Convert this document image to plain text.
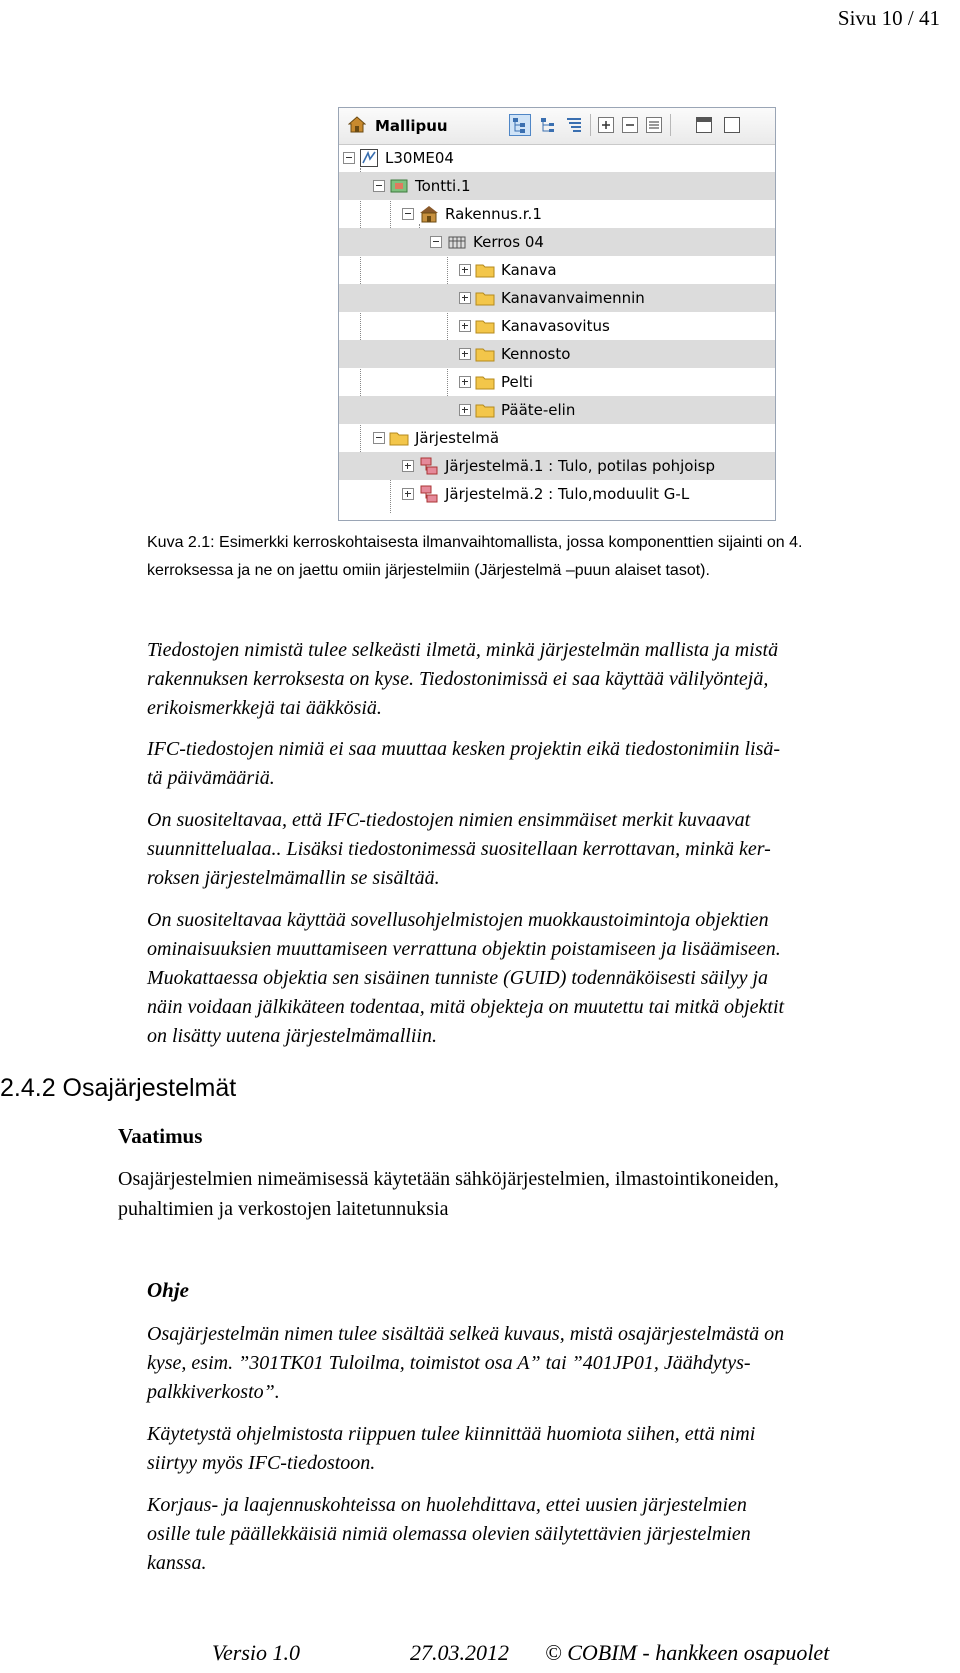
Sivu 10 / 41
Mallipuu
L30ME04
Tontti.1
Rakennus.r.1
Kerros 04
Kanava
Kanavanvaimennin
Kanavasovitus
Kennosto
Pelti
Pääte-elin
Järjestelmä
Järjestelmä.1 : Tulo, potilas pohjoisp
Järjestelmä.2 : Tulo,moduulit G-L
Kuva 2.1: Esimerkki kerroskohtaisesta ilmanvaihtomallista, jossa komponenttien sijainti on 4.
kerroksessa ja ne on jaettu omiin järjestelmiin (Järjestelmä –puun alaiset tasot).
Tiedostojen nimistä tulee selkeästi ilmetä, minkä järjestelmän mallista ja mistä
rakennuksen kerroksesta on kyse. Tiedostonimissä ei saa käyttää välilyöntejä,
erikoismerkkejä tai ääkkösiä.
IFC-tiedostojen nimiä ei saa muuttaa kesken projektin eikä tiedostonimiin lisä-
tä päivämääriä.
On suositeltavaa, että IFC-tiedostojen nimien ensimmäiset merkit kuvaavat
suunnittelualaa.. Lisäksi tiedostonimessä suositellaan kerrottavan, minkä ker-
roksen järjestelmämallin se sisältää.
On suositeltavaa käyttää sovellusohjelmistojen muokkaustoimintoja objektien
ominaisuuksien muuttamiseen verrattuna objektin poistamiseen ja lisäämiseen.
Muokattaessa objektia sen sisäinen tunniste (GUID) todennäköisesti säilyy ja
näin voidaan jälkikäteen todentaa, mitä objekteja on muutettu tai mitkä objektit
on lisätty uutena järjestelmämalliin.
2.4.2 Osajärjestelmät
Vaatimus
Osajärjestelmien nimeämisessä käytetään sähköjärjestelmien, ilmastointikoneiden,
puhaltimien ja verkostojen laitetunnuksia
Ohje
Osajärjestelmän nimen tulee sisältää selkeä kuvaus, mistä osajärjestelmästä on
kyse, esim. ”301TK01 Tuloilma, toimistot osa A” tai ”401JP01, Jäähdytys-
palkkiverkosto”.
Käytetystä ohjelmistosta riippuen tulee kiinnittää huomiota siihen, että nimi
siirtyy myös IFC-tiedostoon.
Korjaus- ja laajennuskohteissa on huolehdittava, ettei uusien järjestelmien
osille tule päällekkäisiä nimiä olemassa olevien säilytettävien järjestelmien
kanssa.
Versio 1.0	27.03.2012 © COBIM - hankkeen osapuolet
